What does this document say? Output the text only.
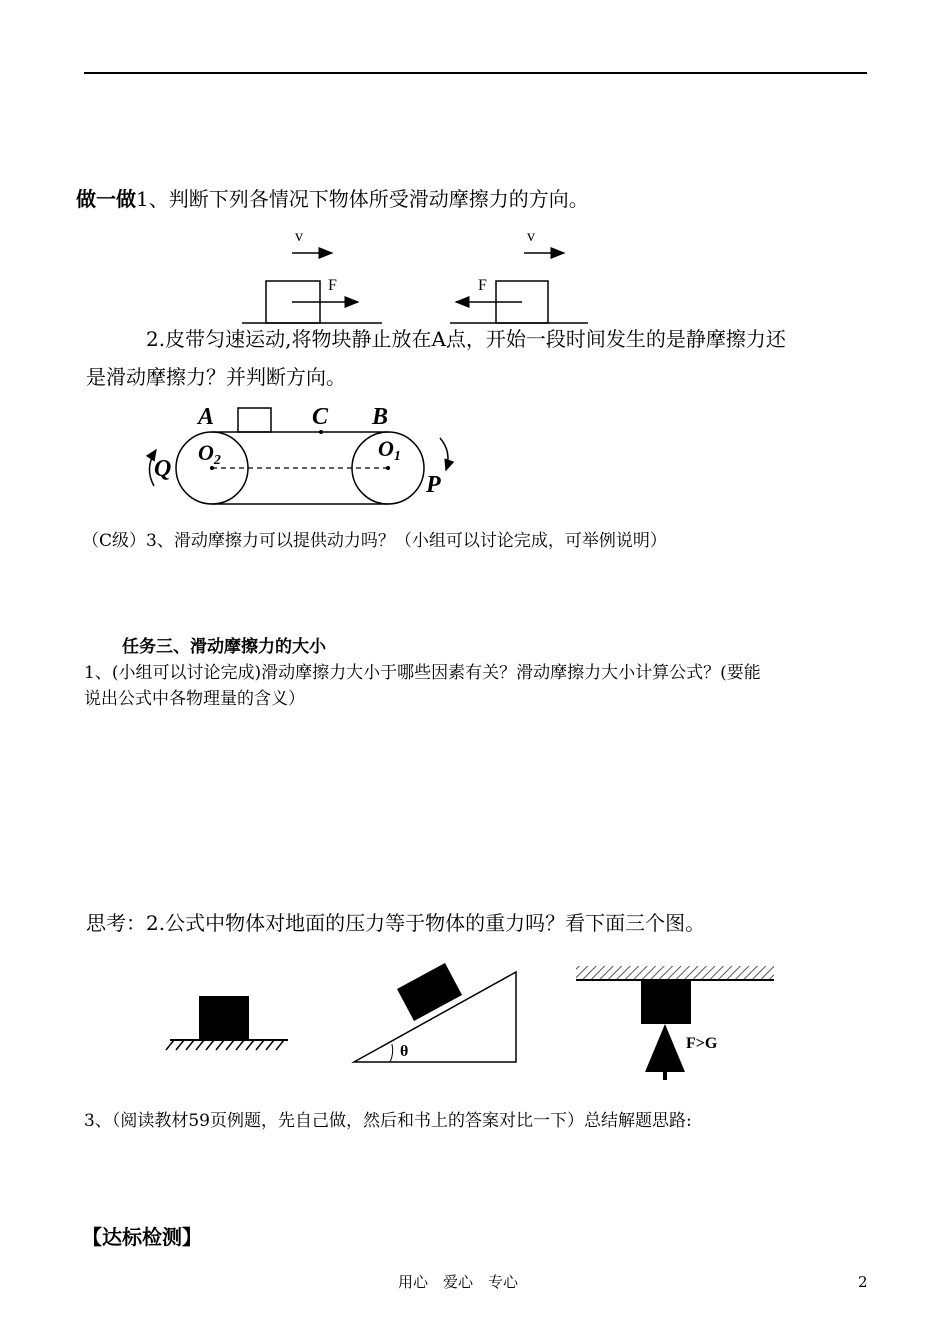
做一做1、判断下列各情况下物体所受滑动摩擦力的方向。
v
F
v
F
2.皮带匀速运动,将物块静止放在A点，开始一段时间发生的是静摩擦力还
是滑动摩擦力？并判断方向。
A	C B
O2	O1
Q
P
（C级）3、滑动摩擦力可以提供动力吗？（小组可以讨论完成，可举例说明）
任务三、滑动摩擦力的大小
1、(小组可以讨论完成)滑动摩擦力大小于哪些因素有关？滑动摩擦力大小计算公式？(要能
说出公式中各物理量的含义）
思考：2.公式中物体对地面的压力等于物体的重力吗？看下面三个图。
θ	F>G
3、（阅读教材59页例题，先自己做，然后和书上的答案对比一下）总结解题思路:
【达标检测】
用心　爱心　专心	2
